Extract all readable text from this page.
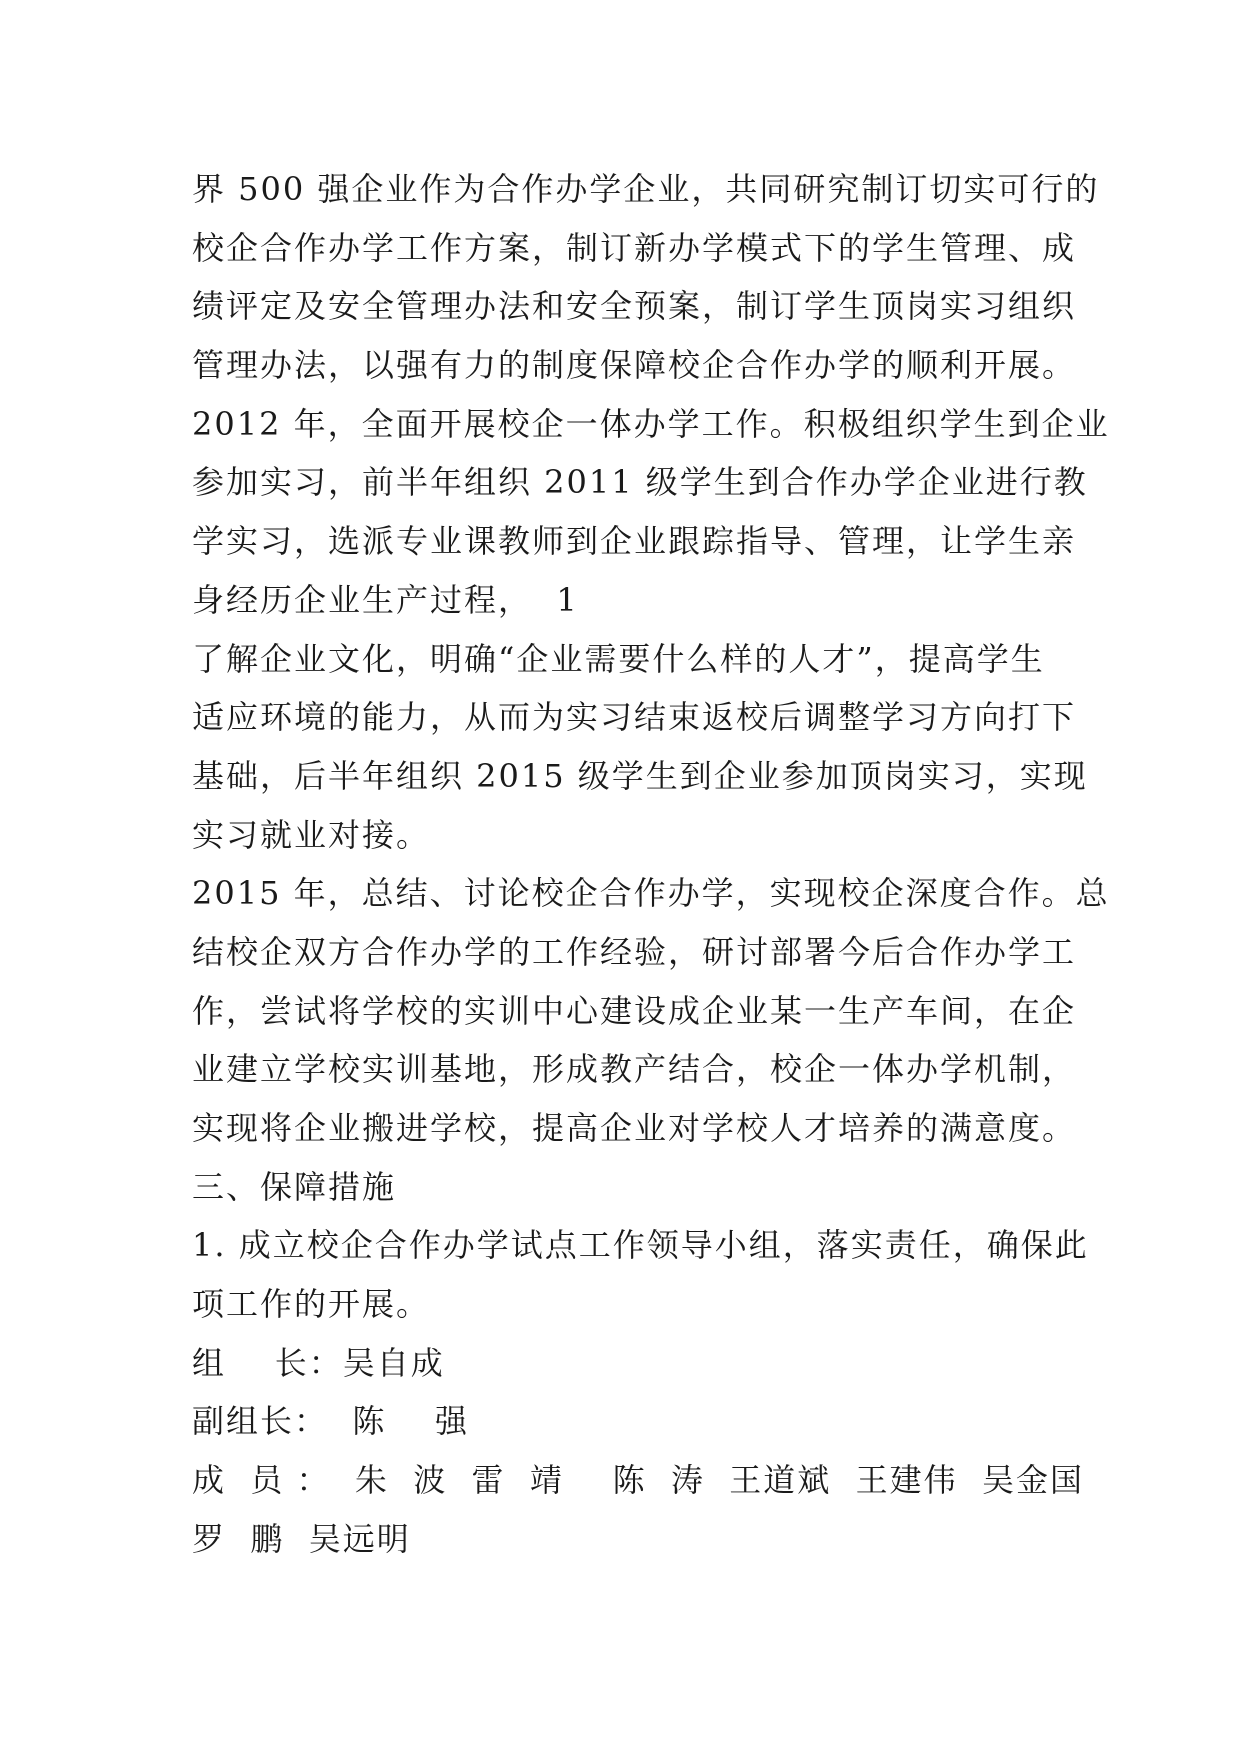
界 500 强企业作为合作办学企业，共同研究制订切实可行的
校企合作办学工作方案，制订新办学模式下的学生管理、成
绩评定及安全管理办法和安全预案，制订学生顶岗实习组织
管理办法，以强有力的制度保障校企合作办学的顺利开展。
2012 年，全面开展校企一体办学工作。积极组织学生到企业
参加实习，前半年组织 2011 级学生到合作办学企业进行教
学实习，选派专业课教师到企业跟踪指导、管理，让学生亲
身经历企业生产过程，  1
了解企业文化，明确“企业需要什么样的人才”，提高学生
适应环境的能力，从而为实习结束返校后调整学习方向打下
基础，后半年组织 2015 级学生到企业参加顶岗实习，实现
实习就业对接。
2015 年，总结、讨论校企合作办学，实现校企深度合作。总
结校企双方合作办学的工作经验，研讨部署今后合作办学工
作，尝试将学校的实训中心建设成企业某一生产车间，在企
业建立学校实训基地，形成教产结合，校企一体办学机制，
实现将企业搬进学校，提高企业对学校人才培养的满意度。
三、保障措施
1. 成立校企合作办学试点工作领导小组，落实责任，确保此
项工作的开展。
组    长：吴自成
副组长：  陈    强
成  员 ：  朱  波  雷  靖    陈  涛  王道斌  王建伟  吴金国
罗  鹏  吴远明
